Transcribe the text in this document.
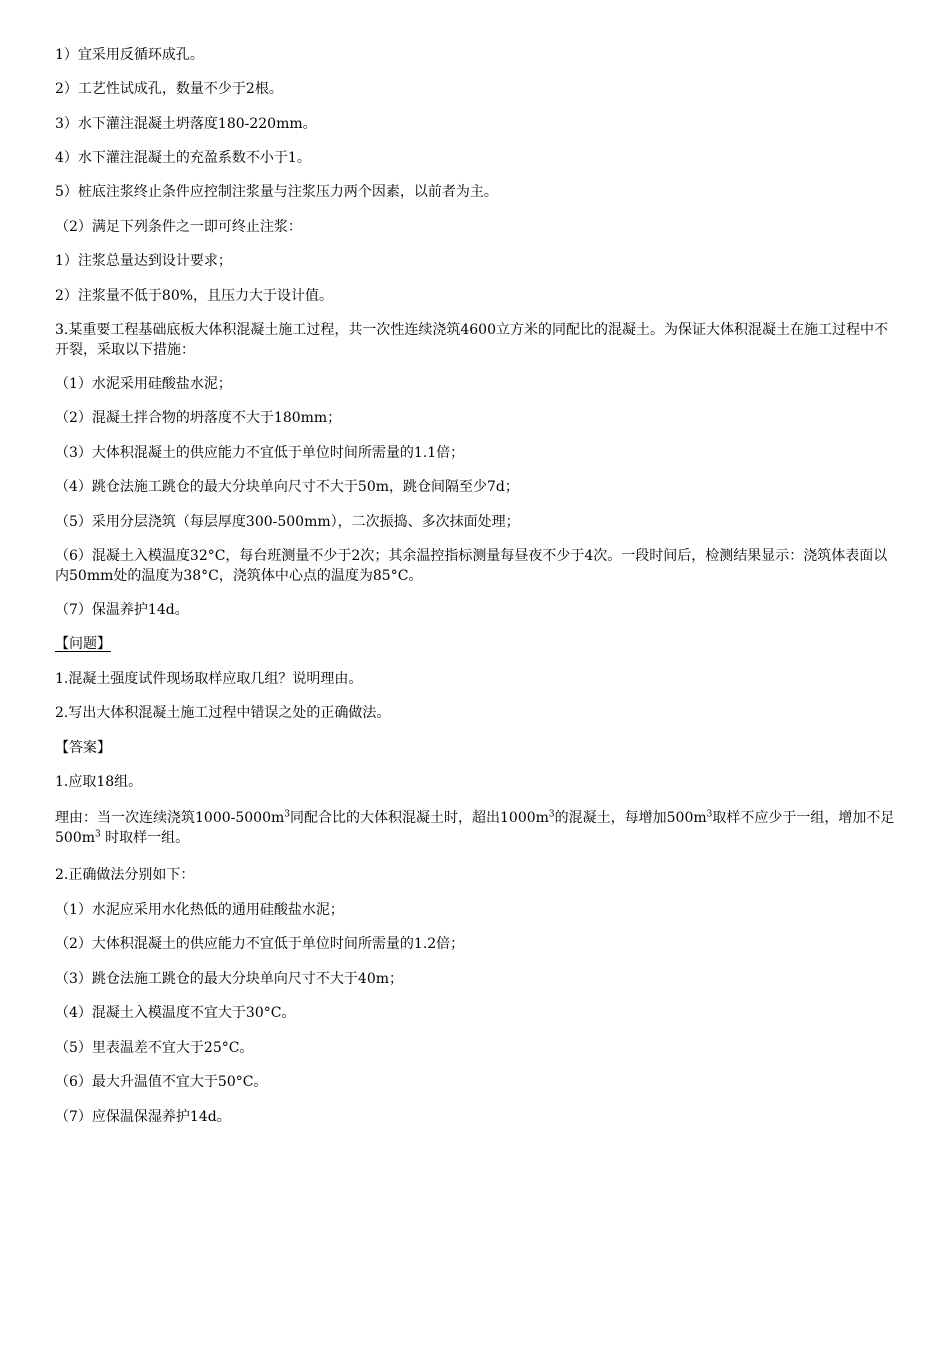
1）宜采用反循环成孔。

2）工艺性试成孔，数量不少于2根。

3）水下灌注混凝土坍落度180-220mm。

4）水下灌注混凝土的充盈系数不小于1。

5）桩底注浆终止条件应控制注浆量与注浆压力两个因素，以前者为主。

（2）满足下列条件之一即可终止注浆：

1）注浆总量达到设计要求；

2）注浆量不低于80%，且压力大于设计值。

3.某重要工程基础底板大体积混凝土施工过程，共一次性连续浇筑4600立方米的同配比的混凝土。为保证大体积混凝土在施工过程中不开裂，采取以下措施：

（1）水泥采用硅酸盐水泥；

（2）混凝土拌合物的坍落度不大于180mm；

（3）大体积混凝土的供应能力不宜低于单位时间所需量的1.1倍；

（4）跳仓法施工跳仓的最大分块单向尺寸不大于50m，跳仓间隔至少7d；

（5）采用分层浇筑（每层厚度300-500mm），二次振捣、多次抹面处理；

（6）混凝土入模温度32°C，每台班测量不少于2次；其余温控指标测量每昼夜不少于4次。一段时间后，检测结果显示：浇筑体表面以内50mm处的温度为38°C，浇筑体中心点的温度为85°C。

（7）保温养护14d。

【问题】

1.混凝土强度试件现场取样应取几组？说明理由。

2.写出大体积混凝土施工过程中错误之处的正确做法。

【答案】

1.应取18组。

理由：当一次连续浇筑$1000-5000m^3$同配合比的大体积混凝土时，超出$1000m^3$的混凝土，每增加$500m^3$取样不应少于一组，增加不足$500m^3$ 时取样一组。

2.正确做法分别如下：

（1）水泥应采用水化热低的通用硅酸盐水泥；

（2）大体积混凝土的供应能力不宜低于单位时间所需量的1.2倍；

（3）跳仓法施工跳仓的最大分块单向尺寸不大于40m；

（4）混凝土入模温度不宜大于30°C。

（5）里表温差不宜大于25°C。

（6）最大升温值不宜大于50°C。

（7）应保温保湿养护14d。
